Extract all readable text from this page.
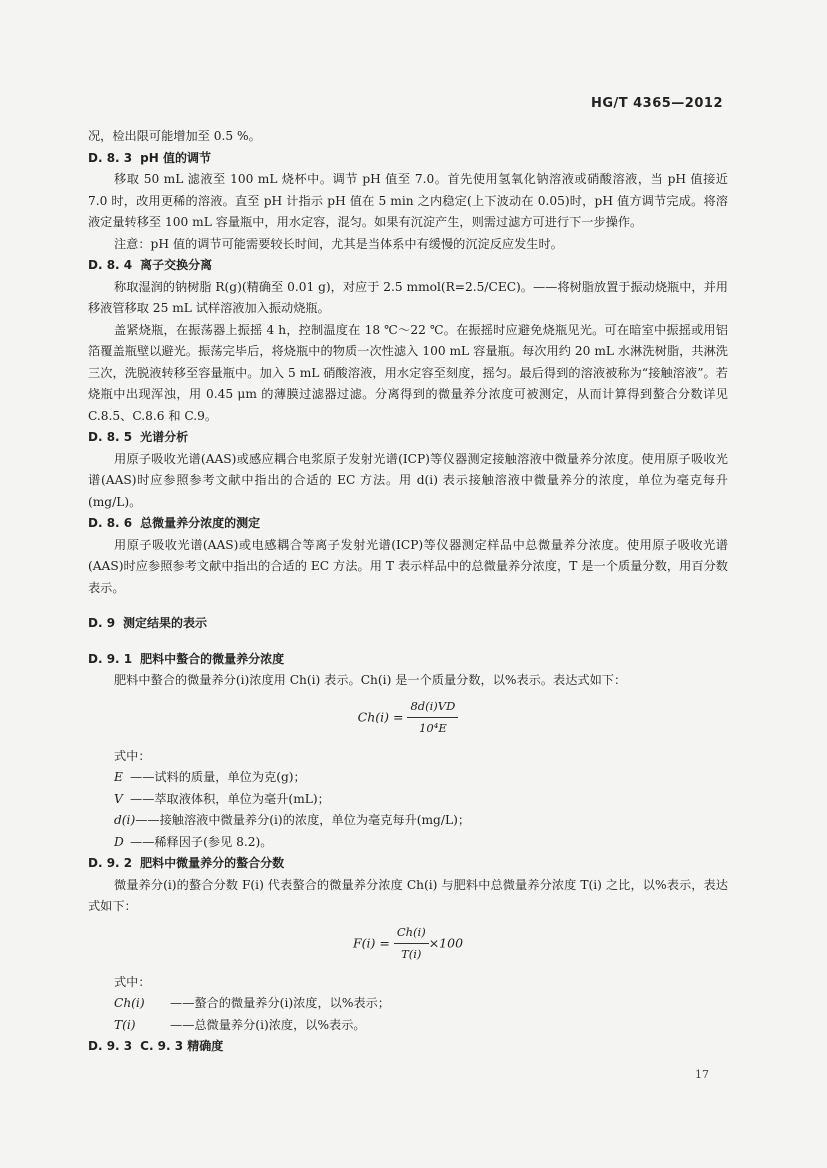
HG/T 4365—2012

况，检出限可能增加至 0.5 %。

D. 8. 3 pH 值的调节

移取 50 mL 滤液至 100 mL 烧杯中。调节 pH 值至 7.0。首先使用氢氧化钠溶液或硝酸溶液，当 pH 值接近 7.0 时，改用更稀的溶液。直至 pH 计指示 pH 值在 5 min 之内稳定(上下波动在 0.05)时，pH 值方调节完成。将溶液定量转移至 100 mL 容量瓶中，用水定容，混匀。如果有沉淀产生，则需过滤方可进行下一步操作。

注意：pH 值的调节可能需要较长时间，尤其是当体系中有缓慢的沉淀反应发生时。

D. 8. 4 离子交换分离

称取湿润的钠树脂 R(g)(精确至 0.01 g)，对应于 2.5 mmol(R=2.5/CEC)。——将树脂放置于振动烧瓶中，并用移液管移取 25 mL 试样溶液加入振动烧瓶。

盖紧烧瓶，在振荡器上振摇 4 h，控制温度在 18 ℃～22 ℃。在振摇时应避免烧瓶见光。可在暗室中振摇或用铝箔覆盖瓶壁以避光。振荡完毕后，将烧瓶中的物质一次性滤入 100 mL 容量瓶。每次用约 20 mL 水淋洗树脂，共淋洗三次，洗脱液转移至容量瓶中。加入 5 mL 硝酸溶液，用水定容至刻度，摇匀。最后得到的溶液被称为“接触溶液”。若烧瓶中出现浑浊，用 0.45 μm 的薄膜过滤器过滤。分离得到的微量养分浓度可被测定，从而计算得到螯合分数详见 C.8.5、C.8.6 和 C.9。

D. 8. 5 光谱分析

用原子吸收光谱(AAS)或感应耦合电浆原子发射光谱(ICP)等仪器测定接触溶液中微量养分浓度。使用原子吸收光谱(AAS)时应参照参考文献中指出的合适的 EC 方法。用 d(i) 表示接触溶液中微量养分的浓度，单位为毫克每升(mg/L)。

D. 8. 6 总微量养分浓度的测定

用原子吸收光谱(AAS)或电感耦合等离子发射光谱(ICP)等仪器测定样品中总微量养分浓度。使用原子吸收光谱(AAS)时应参照参考文献中指出的合适的 EC 方法。用 T 表示样品中的总微量养分浓度，T 是一个质量分数，用百分数表示。

D. 9 测定结果的表示
D. 9. 1 肥料中螯合的微量养分浓度

肥料中螯合的微量养分(i)浓度用 Ch(i) 表示。Ch(i) 是一个质量分数，以%表示。表达式如下：

$Ch(i) = \frac{8d(i)VD}{\text{10⁴E}}$
式中：
E ——试料的质量，单位为克(g)；
V ——萃取液体积，单位为毫升(mL)；
d(i)——接触溶液中微量养分(i)的浓度，单位为毫克每升(mg/L)；
D ——稀释因子(参见 8.2)。
D. 9. 2 肥料中微量养分的螯合分数

微量养分(i)的螯合分数 F(i) 代表螯合的微量养分浓度 Ch(i) 与肥料中总微量养分浓度 T(i) 之比，以%表示，表达式如下：

$F(i) = \frac{Ch(i)}{T(i)} \times 100$
式中：
Ch(i) ——螯合的微量养分(i)浓度，以%表示；
T(i)	——总微量养分(i)浓度，以%表示。
D. 9. 3 C. 9. 3 精确度
17
